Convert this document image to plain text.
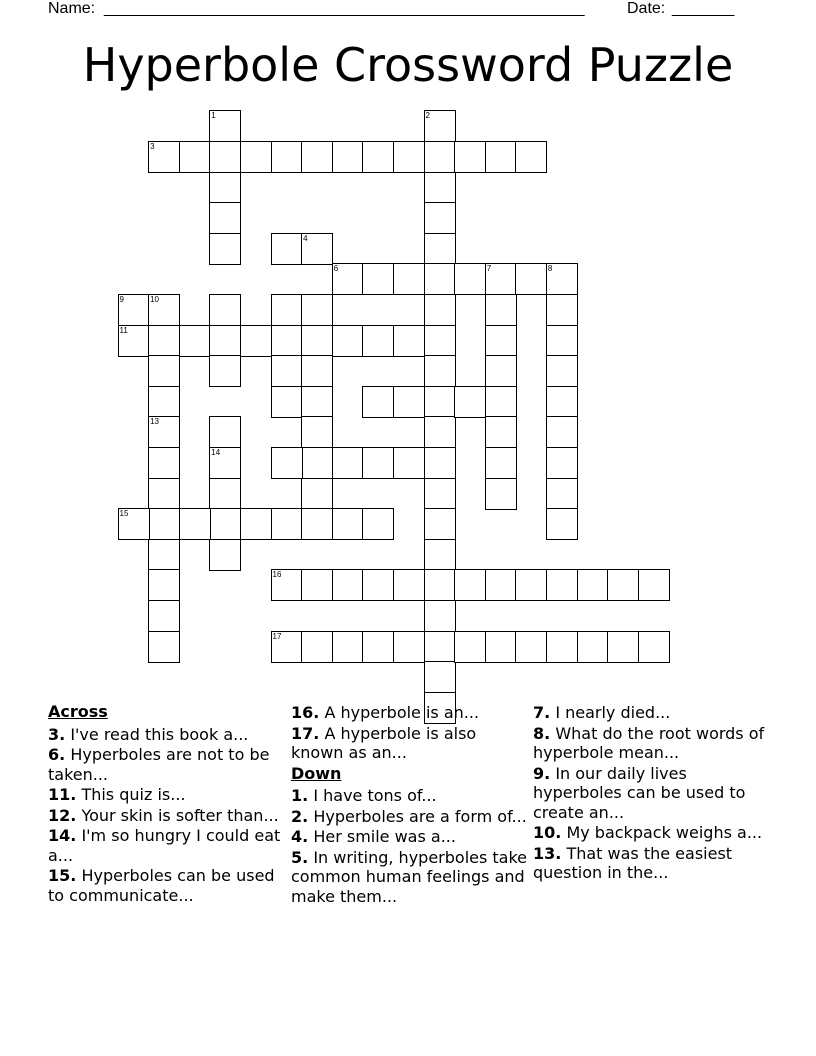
Name: ______________________________________________________	Date: _______
Hyperbole Crossword Puzzle
3
1	2
6	7
4
8
9
11
10
13
14
15
16
17
Across
3. I've read this book a...
6. Hyperboles are not to be taken...
11. This quiz is...
12. Your skin is softer than...
14. I'm so hungry I could eat a...
15. Hyperboles can be used to communicate...
16. A hyperbole is an...
17. A hyperbole is also known as an...
Down
1. I have tons of...
2. Hyperboles are a form of...
4. Her smile was a...
5. In writing, hyperboles take common human feelings and make them...
7. I nearly died...
8. What do the root words of hyperbole mean...
9. In our daily lives hyperboles can be used to create an...
10. My backpack weighs a...
13. That was the easiest question in the...
